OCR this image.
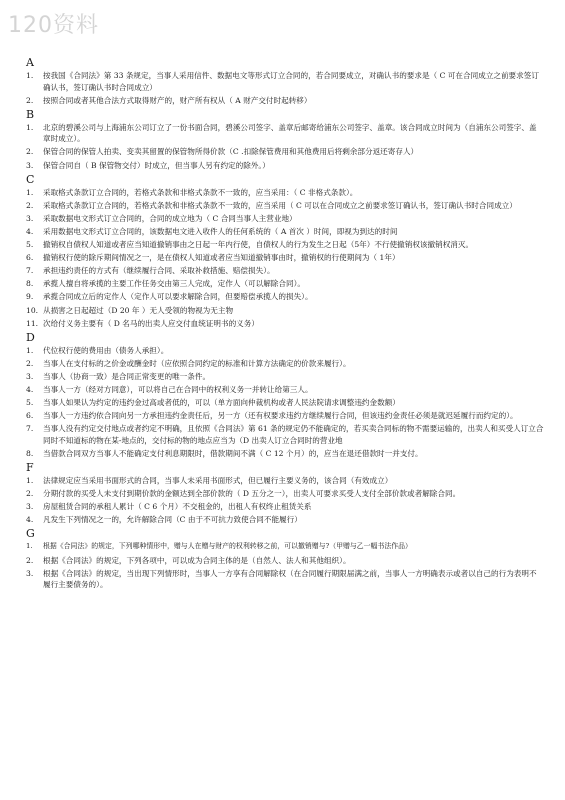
120资料
A
1.	按我国《合同法》第 33 条规定，当事人采用信件、数据电文等形式订立合同的，若合同要成立，对确认书的要求是（ C 可在合同成立之前要求签订确认书，签订确认书时合同成立）
2.	按照合同或者其他合法方式取得财产的，财产所有权从（ A 财产交付时起转移）
B
1.	北京的碧溪公司与上海浦东公司订立了一份书面合同，碧溪公司签字、盖章后邮寄给浦东公司签字、盖章。该合同成立时间为（自浦东公司签字、盖章时成立）。
2.	保管合同的保管人拍卖、变卖其留置的保管物所得价款（C .扣除保管费用和其他费用后将剩余部分返还寄存人）
3.	保管合同自（ B 保管物交付）时成立，但当事人另有约定的除外。）
C
1.	采取格式条款订立合同的，若格式条款和非格式条款不一致的，应当采用：（ C 非格式条款）。
2.	采取格式条款订立合同的，若格式条款和非格式条款不一致的，应当采用（ C 可以在合同成立之前要求签订确认书，签订确认书时合同成立）
3.	采取数据电文形式订立合同的，合同的成立地为（ C 合同当事人主营业地）
4.	采用数据电文形式订立合同的，该数据电文进入收件人的任何系统的（ A 首次 ）时间，即视为到达的时间
5.	撤销权自债权人知道或者应当知道撤销事由之日起一年内行使，自债权人的行为发生之日起（5年）不行使撤销权该撤销权消灭。
6.	撤销权行使的除斥期间情况之一，是在债权人知道或者应当知道撤销事由时，撤销权的行使期间为（ 1年）
7.	承担违约责任的方式有（继续履行合同、采取补救措施、赔偿损失）。
8.	承揽人擅自将承揽的主要工作任务交由第三人完成，定作人（可以解除合同）。
9.	承揽合同成立后的定作人（定作人可以要求解除合同，但要赔偿承揽人的损失）。
10. 从损害之日起超过（D 20 年 ）无人受领的物视为无主物
11. 次给付义务主要有（ D 名马的出卖人应交付血统证明书的义务）
D
1.	代位权行使的费用由（债务人承担）。
2.	当事人在支付标的之价金或酬金时（应依照合同约定的标准和计算方法确定的价款来履行）。
3.	当事人（协商一致）是合同正常变更的唯一条件。
4.	当事人一方（经对方同意），可以将自己在合同中的权利义务一并转让给第三人。
5.	当事人如果认为约定的违约金过高或者低的，可以（单方面向仲裁机构或者人民法院请求调整违约金数额）
6.	当事人一方违约依合同向另一方承担违约金责任后，另一方（还有权要求违约方继续履行合同，但该违约金责任必须是就迟延履行而约定的）。
7.	当事人没有约定交付地点或者约定不明确，且依照《合同法》第 61 条的规定仍不能确定的，若买卖合同标的物不需要运输的，出卖人和买受人订立合同时不知道标的物在某-地点的，交付标的物的地点应当为（D 出卖人订立合同时的营业地
8.	当借款合同双方当事人不能确定支付利息期限时，借款期间不满（ C 12 个月）的，应当在退还借款时一并支付。
F
1.	法律规定应当采用书面形式的合同，当事人未采用书面形式，但已履行主要义务的，该合同（有效成立）
2.	分期付款的买受人未支付到期价款的金额达到全部价款的（ D 五分之一），出卖人可要求买受人支付全部价款或者解除合同。
3.	房屋租赁合同的承租人累计（ C 6 个月）不交租金的，出租人有权终止租赁关系
4.	凡发生下列情况之一的，允许解除合同（C 由于不可抗力致使合同不能履行）
G
1.	根据《合同法》的规定，下列哪种情形中，赠与人在赠与财产的权利转移之前，可以撤销赠与?（甲赠与乙一幅书法作品）
2.	根据《合同法》的规定，下列各项中，可以成为合同主体的是（自然人、法人和其他组织）。
3.	根据《合同法》的规定，当出现下列情形时，当事人一方享有合同解除权（在合同履行期限届满之前，当事人一方明确表示或者以自己的行为表明不履行主要债务的）。
